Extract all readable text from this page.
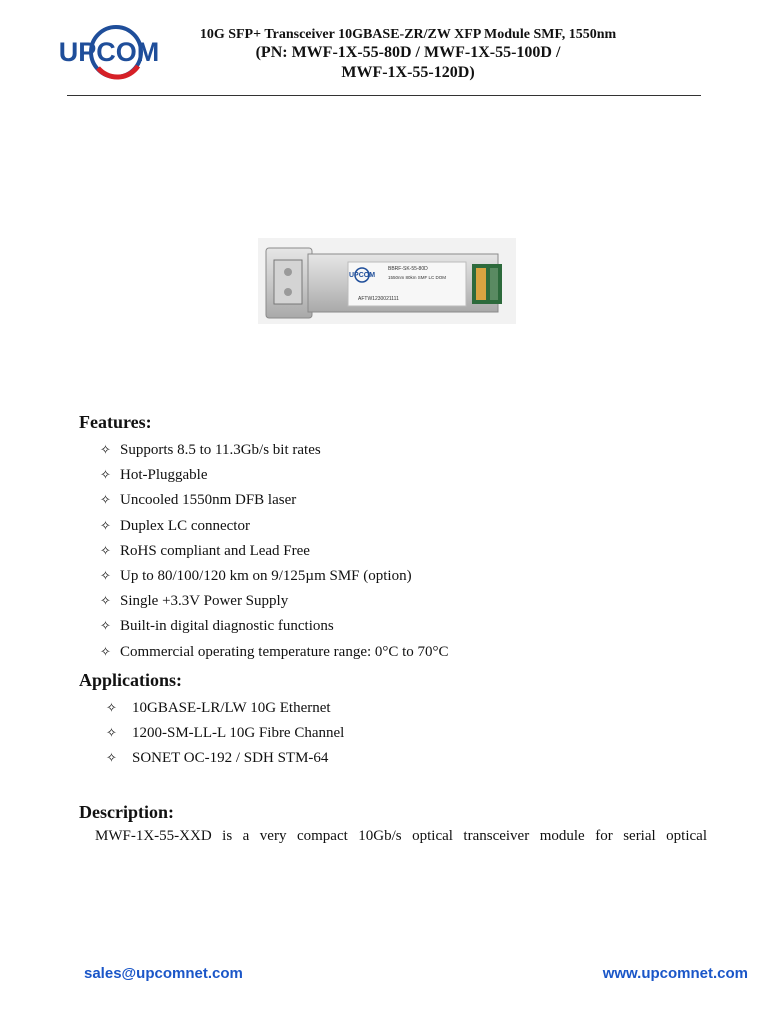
UPCOM
10G SFP+ Transceiver 10GBASE-ZR/ZW XFP Module SMF, 1550nm
(PN: MWF-1X-55-80D / MWF-1X-55-100D /
MWF-1X-55-120D)
UPCOM
BBRF-SK-55-80D
1550nm 80km SMF LC DOM
AFTW1230021111
Features:
✧ Supports 8.5 to 11.3Gb/s bit rates
✧ Hot-Pluggable
✧ Uncooled 1550nm DFB laser
✧ Duplex LC connector
✧ RoHS compliant and Lead Free
✧ Up to 80/100/120 km on 9/125µm SMF (option)
✧ Single +3.3V Power Supply
✧ Built-in digital diagnostic functions
✧ Commercial operating temperature range: 0°C to 70°C
Applications:
✧ 10GBASE-LR/LW 10G Ethernet
✧ 1200-SM-LL-L 10G Fibre Channel
✧ SONET OC-192 / SDH STM-64
Description:

MWF-1X-55-XXD is a very compact 10Gb/s optical transceiver module for serial optical

sales@upcomnet.com	www.upcomnet.com
